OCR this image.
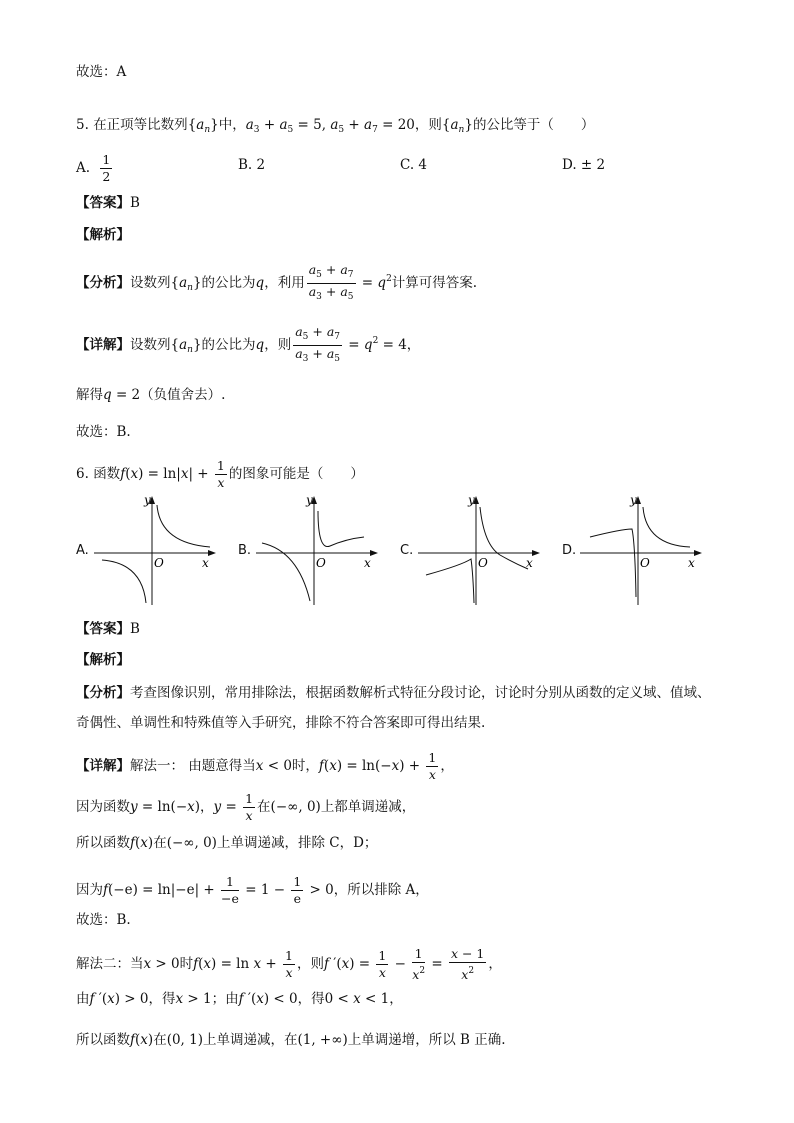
故选：A
5. 在正项等比数列$\{a_n\}$中，$a_3 + a_5 = 5$, $a_5 + a_7 = 20$，则$\{a_n\}$的公比等于（　　）
A. $\frac{1}{2}$	B. 2	C. 4	D. ± 2
【答案】B
【解析】
【分析】设数列$\{a_n\}$的公比为q，利用 $\frac{a_5 + a_7}{a_3 + a_5} = q^2$计算可得答案.
【详解】设数列$\{a_n\}$的公比为q，则 $\frac{a_5 + a_7}{a_3 + a_5} = q^2 = 4$，
解得q = 2（负值舍去）.
故选：B.
6. 函数$f(x) = \ln|x| + \frac{1}{x}$ 的图象可能是（　　）
A.
y
O	x
B.
y
O	x
C.
y
O	x
D.
y
O	x
【答案】B
【解析】
【分析】考查图像识别，常用排除法，根据函数解析式特征分段讨论，讨论时分别从函数的定义域、值域、
奇偶性、单调性和特殊值等入手研究，排除不符合答案即可得出结果.
【详解】解法一： 由题意得当x < 0时，$f(x) = \ln(-x) + \frac{1}{x}$ ，
因为函数y = ln(−x)，$y = \frac{1}{x}$ 在(−∞, 0)上都单调递减，
所以函数f(x)在(−∞, 0)上单调递减，排除 C，D；
因为$f(-e) = \ln|-e| + \frac{1}{-e} = 1 - \frac{1}{e} > 0$，所以排除 A，
故选：B.
解法二：当x > 0时$f(x) = \ln x + \frac{1}{x}$ ，则f $'(x) = \frac{1}{x} - \frac{1}{x^2} = \frac{x - 1}{x^2}$ ，
由f ′(x) > 0，得x > 1；由f ′(x) < 0，得0 < x < 1，
所以函数f(x)在(0, 1)上单调递减，在(1, +∞)上单调递增，所以 B 正确.
